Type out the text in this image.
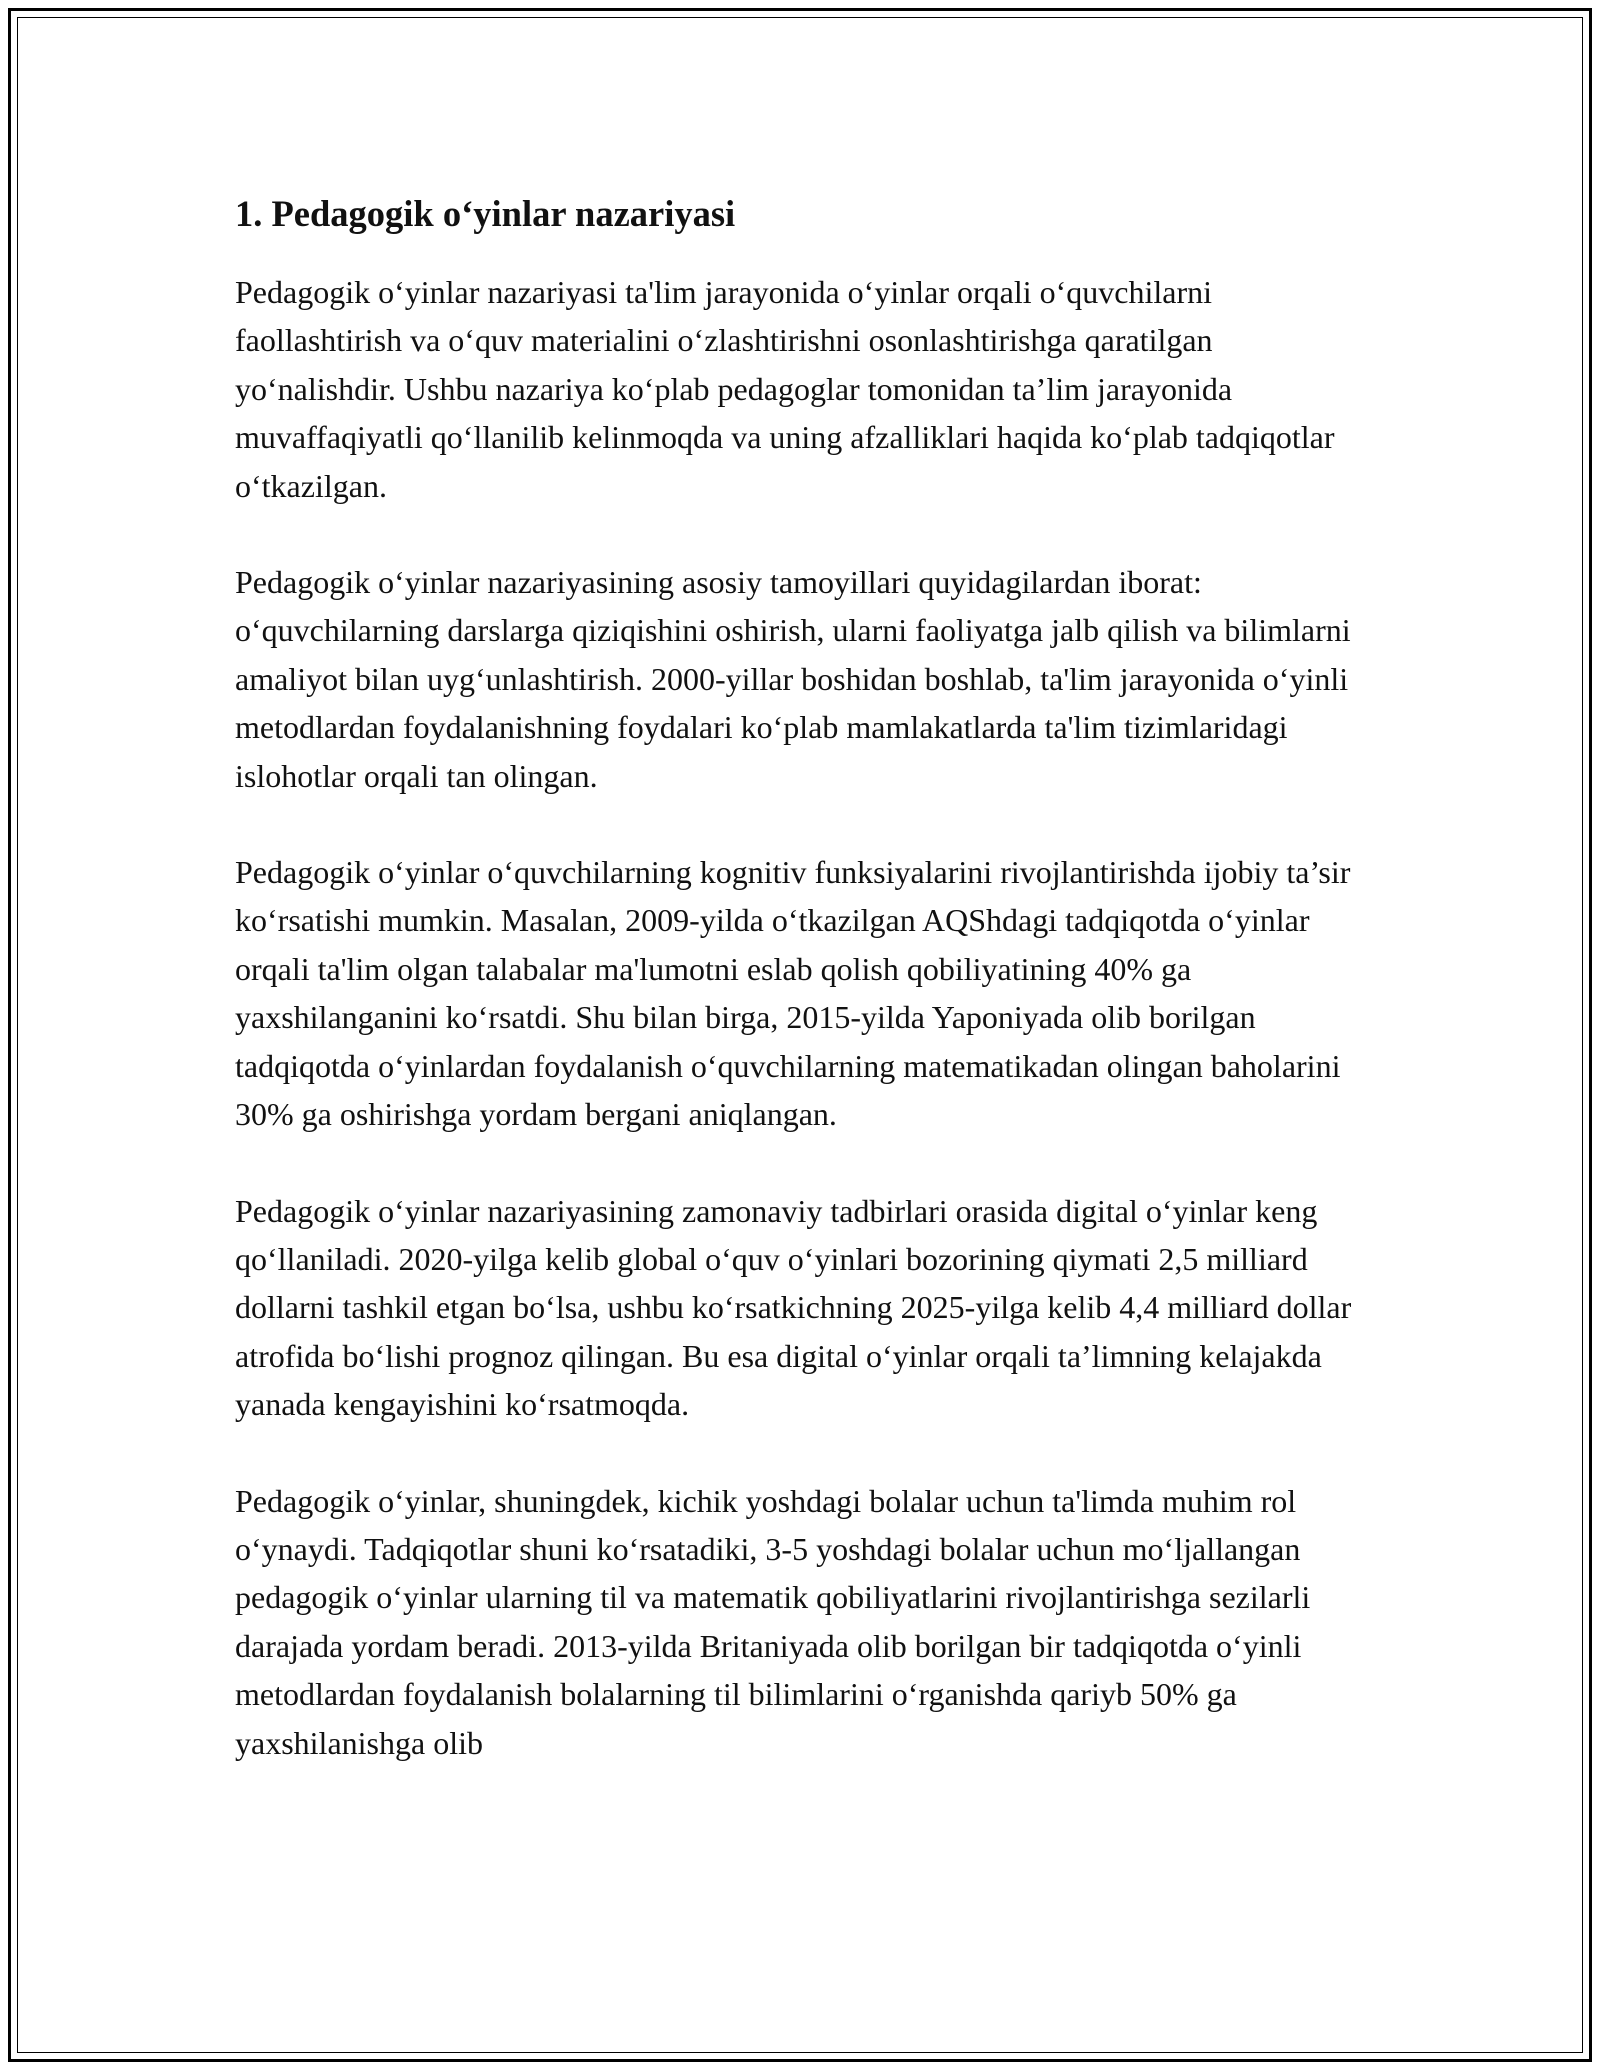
1. Pedagogik o‘yinlar nazariyasi

Pedagogik o‘yinlar nazariyasi ta'lim jarayonida o‘yinlar orqali o‘quvchilarni faollashtirish va o‘quv materialini o‘zlashtirishni osonlashtirishga qaratilgan yo‘nalishdir. Ushbu nazariya ko‘plab pedagoglar tomonidan ta’lim jarayonida muvaffaqiyatli qo‘llanilib kelinmoqda va uning afzalliklari haqida ko‘plab tadqiqotlar o‘tkazilgan.

Pedagogik o‘yinlar nazariyasining asosiy tamoyillari quyidagilardan iborat: o‘quvchilarning darslarga qiziqishini oshirish, ularni faoliyatga jalb qilish va bilimlarni amaliyot bilan uyg‘unlashtirish. 2000-yillar boshidan boshlab, ta'lim jarayonida o‘yinli metodlardan foydalanishning foydalari ko‘plab mamlakatlarda ta'lim tizimlaridagi islohotlar orqali tan olingan.

Pedagogik o‘yinlar o‘quvchilarning kognitiv funksiyalarini rivojlantirishda ijobiy ta’sir ko‘rsatishi mumkin. Masalan, 2009-yilda o‘tkazilgan AQShdagi tadqiqotda o‘yinlar orqali ta'lim olgan talabalar ma'lumotni eslab qolish qobiliyatining 40% ga yaxshilanganini ko‘rsatdi. Shu bilan birga, 2015-yilda Yaponiyada olib borilgan tadqiqotda o‘yinlardan foydalanish o‘quvchilarning matematikadan olingan baholarini 30% ga oshirishga yordam bergani aniqlangan.

Pedagogik o‘yinlar nazariyasining zamonaviy tadbirlari orasida digital o‘yinlar keng qo‘llaniladi. 2020-yilga kelib global o‘quv o‘yinlari bozorining qiymati 2,5 milliard dollarni tashkil etgan bo‘lsa, ushbu ko‘rsatkichning 2025-yilga kelib 4,4 milliard dollar atrofida bo‘lishi prognoz qilingan. Bu esa digital o‘yinlar orqali ta’limning kelajakda yanada kengayishini ko‘rsatmoqda.

Pedagogik o‘yinlar, shuningdek, kichik yoshdagi bolalar uchun ta'limda muhim rol o‘ynaydi. Tadqiqotlar shuni ko‘rsatadiki, 3-5 yoshdagi bolalar uchun mo‘ljallangan pedagogik o‘yinlar ularning til va matematik qobiliyatlarini rivojlantirishga sezilarli darajada yordam beradi. 2013-yilda Britaniyada olib borilgan bir tadqiqotda o‘yinli metodlardan foydalanish bolalarning til bilimlarini o‘rganishda qariyb 50% ga yaxshilanishga olib
